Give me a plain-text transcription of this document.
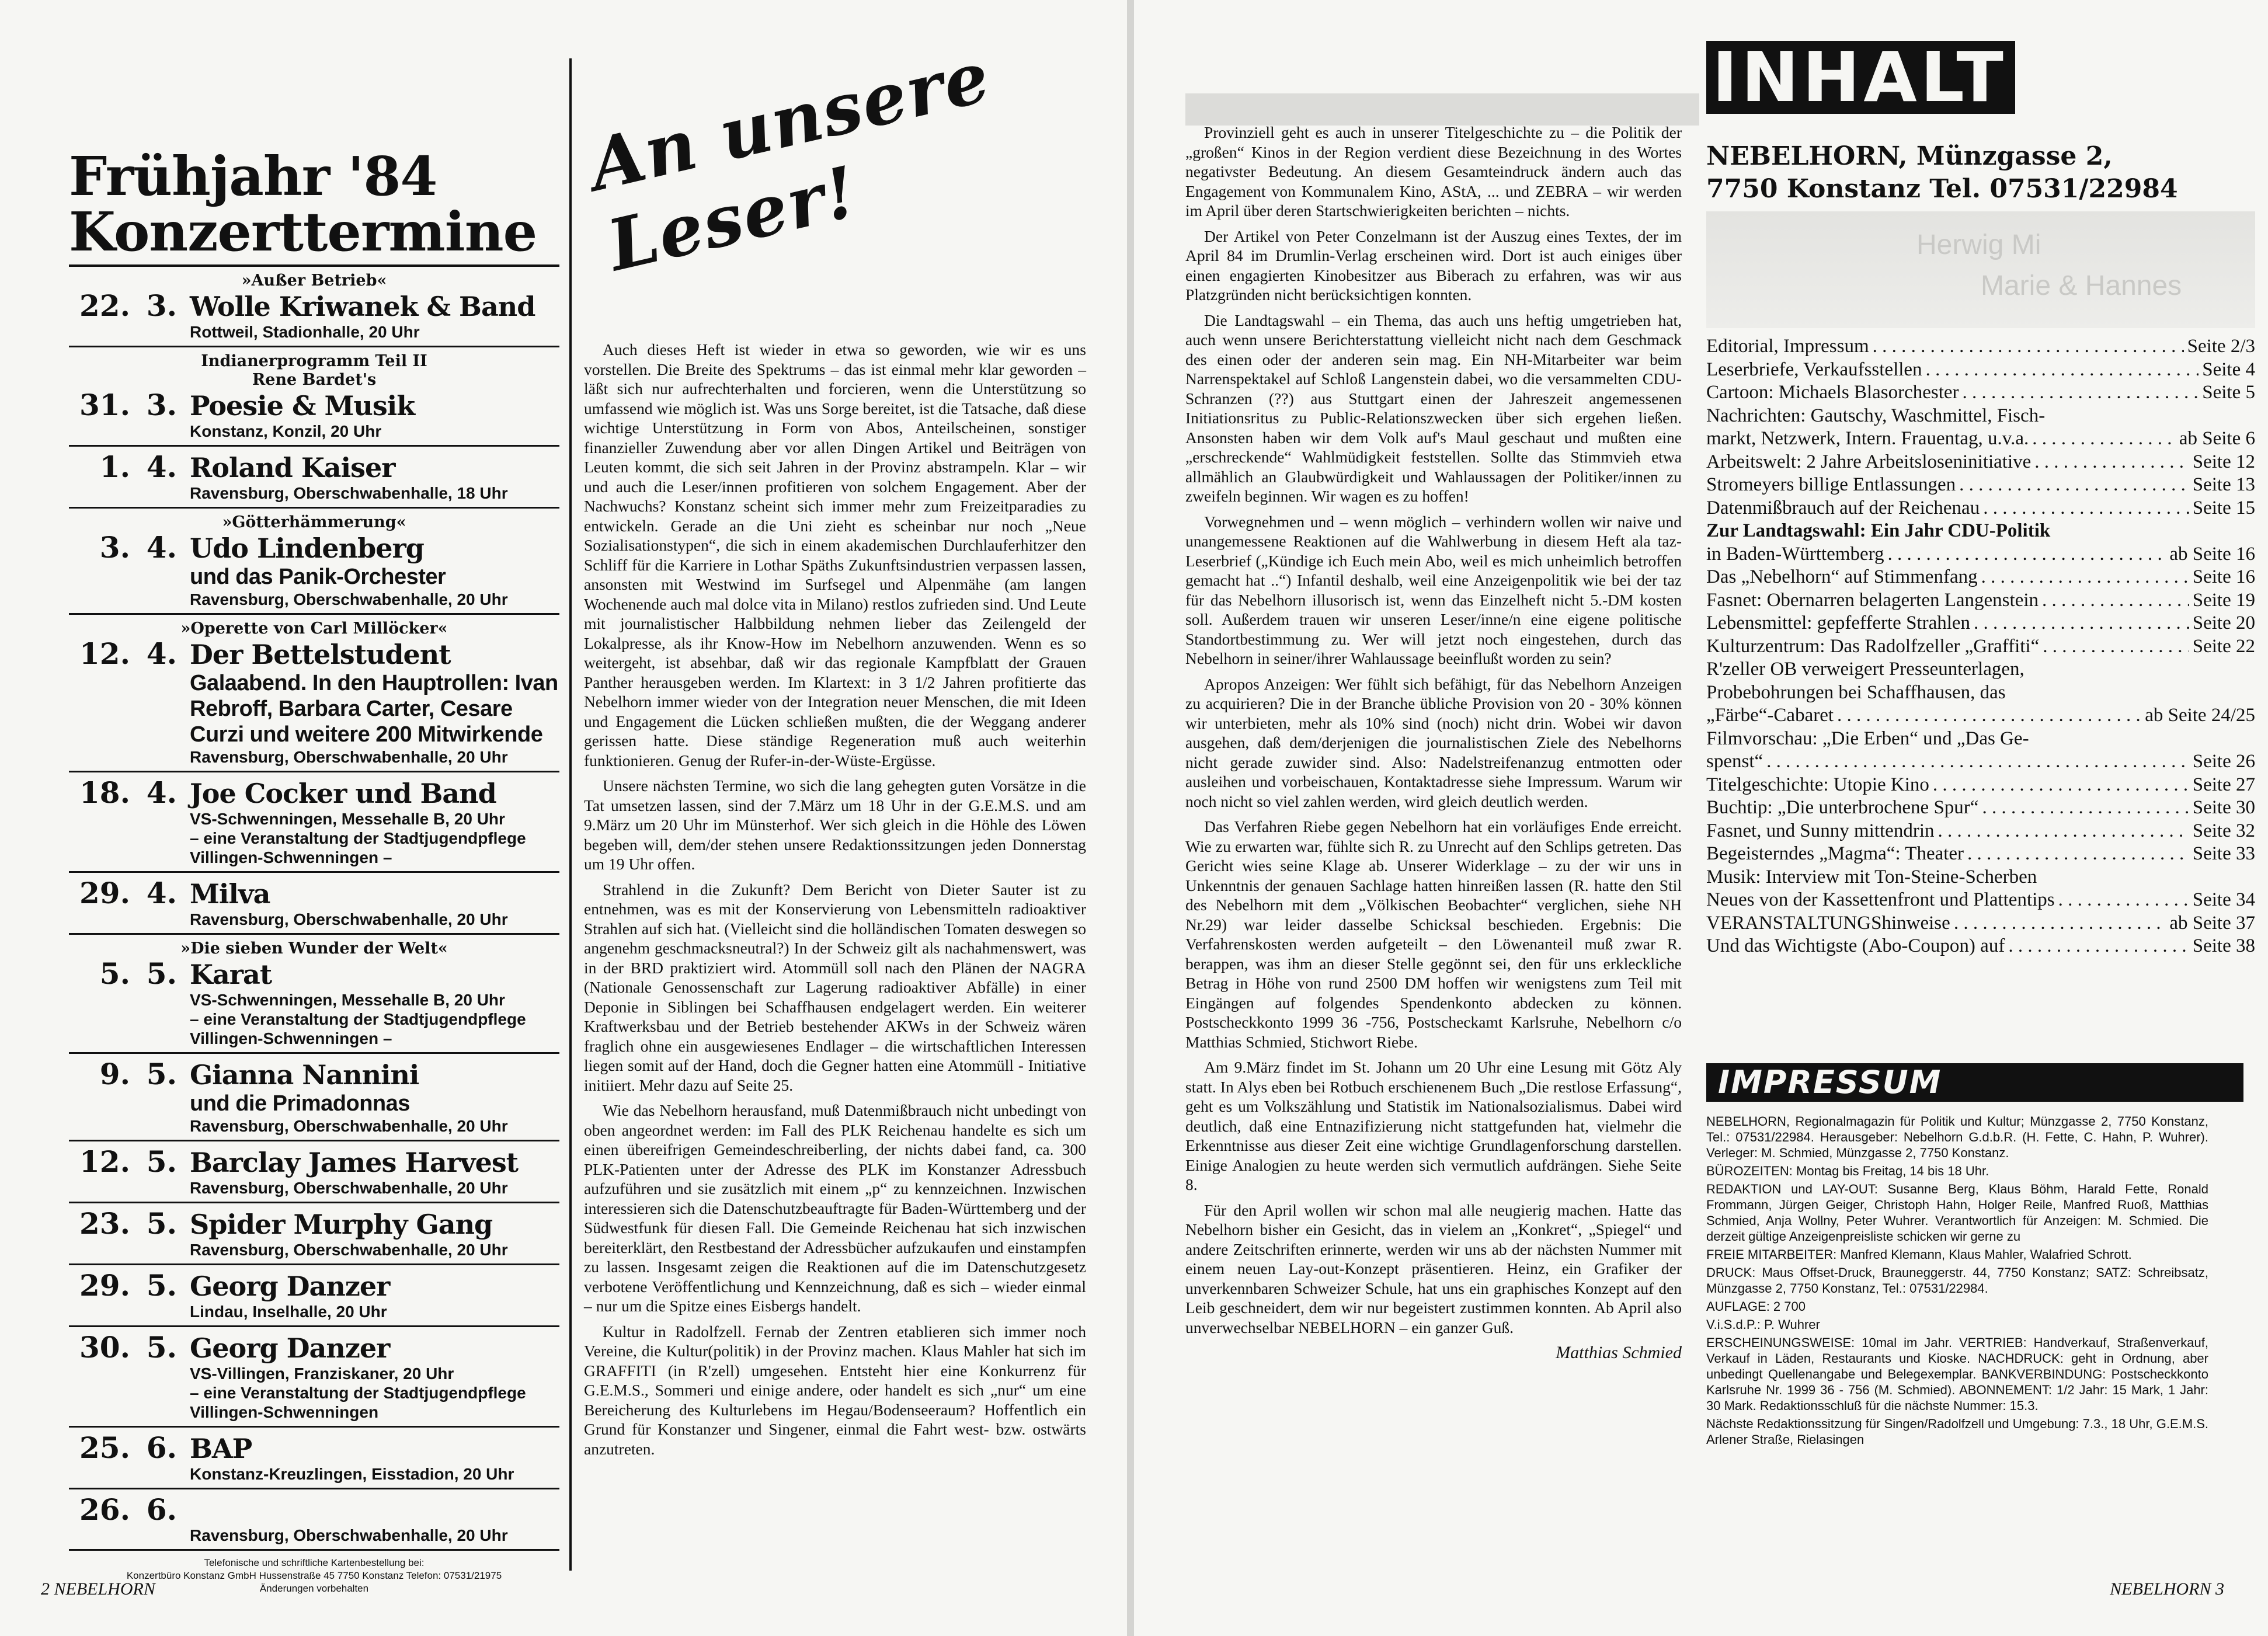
Frühjahr '84
Konzerttermine
»Außer Betrieb«
22. 3. Wolle Kriwanek & Band
Rottweil, Stadionhalle, 20 Uhr
Indianerprogramm Teil II
Rene Bardet's
31. 3. Poesie & Musik
Konstanz, Konzil, 20 Uhr
1. 4. Roland Kaiser
Ravensburg, Oberschwabenhalle, 18 Uhr
»Götterhämmerung«
3. 4. Udo Lindenberg
und das Panik-Orchester
Ravensburg, Oberschwabenhalle, 20 Uhr
»Operette von Carl Millöcker«
12. 4. Der Bettelstudent
Galaabend. In den Hauptrollen: Ivan Rebroff, Barbara Carter, Cesare Curzi und weitere 200 Mitwirkende
Ravensburg, Oberschwabenhalle, 20 Uhr
18. 4. Joe Cocker und Band
VS-Schwenningen, Messehalle B, 20 Uhr
– eine Veranstaltung der Stadtjugendpflege Villingen-Schwenningen –
29. 4. Milva
Ravensburg, Oberschwabenhalle, 20 Uhr
»Die sieben Wunder der Welt«
5. 5. Karat
VS-Schwenningen, Messehalle B, 20 Uhr
– eine Veranstaltung der Stadtjugendpflege Villingen-Schwenningen –
9. 5. Gianna Nannini
und die Primadonnas
Ravensburg, Oberschwabenhalle, 20 Uhr
12. 5. Barclay James Harvest
Ravensburg, Oberschwabenhalle, 20 Uhr
23. 5. Spider Murphy Gang
Ravensburg, Oberschwabenhalle, 20 Uhr
29. 5. Georg Danzer
Lindau, Inselhalle, 20 Uhr
30. 5. Georg Danzer
VS-Villingen, Franziskaner, 20 Uhr
– eine Veranstaltung der Stadtjugendpflege Villingen-Schwenningen
25. 6. BAP
Konstanz-Kreuzlingen, Eisstadion, 20 Uhr
26. 6.
Ravensburg, Oberschwabenhalle, 20 Uhr
Telefonische und schriftliche Kartenbestellung bei:
Konzertbüro Konstanz GmbH Hussenstraße 45 7750 Konstanz Telefon: 07531/21975
Änderungen vorbehalten
An unsere Leser!

Auch dieses Heft ist wieder in etwa so geworden, wie wir es uns vorstellen. Die Breite des Spektrums – das ist einmal mehr klar geworden – läßt sich nur aufrechterhalten und forcieren, wenn die Unterstützung so umfassend wie möglich ist. Was uns Sorge bereitet, ist die Tatsache, daß diese wichtige Unterstützung in Form von Abos, Anteilscheinen, sonstiger finanzieller Zuwendung aber vor allen Dingen Artikel und Beiträgen von Leuten kommt, die sich seit Jahren in der Provinz abstrampeln. Klar – wir und auch die Leser/innen profitieren von solchem Engagement. Aber der Nachwuchs? Konstanz scheint sich immer mehr zum Freizeitparadies zu entwickeln. Gerade an die Uni zieht es scheinbar nur noch „Neue Sozialisationstypen“, die sich in einem akademischen Durchlauferhitzer den Schliff für die Karriere in Lothar Späths Zukunftsindustrien verpassen lassen, ansonsten mit Westwind im Surfsegel und Alpenmähe (am langen Wochenende auch mal dolce vita in Milano) restlos zufrieden sind. Und Leute mit journalistischer Halbbildung nehmen lieber das Zeilengeld der Lokalpresse, als ihr Know-How im Nebelhorn anzuwenden. Wenn es so weitergeht, ist absehbar, daß wir das regionale Kampfblatt der Grauen Panther herausgeben werden. Im Klartext: in 3 1/2 Jahren profitierte das Nebelhorn immer wieder von der Integration neuer Menschen, die mit Ideen und Engagement die Lücken schließen mußten, die der Weggang anderer gerissen hatte. Diese ständige Regeneration muß auch weiterhin funktionieren. Genug der Rufer-in-der-Wüste-Ergüsse.

Unsere nächsten Termine, wo sich die lang gehegten guten Vorsätze in die Tat umsetzen lassen, sind der 7.März um 18 Uhr in der G.E.M.S. und am 9.März um 20 Uhr im Münsterhof. Wer sich gleich in die Höhle des Löwen begeben will, dem/der stehen unsere Redaktionssitzungen jeden Donnerstag um 19 Uhr offen.

Strahlend in die Zukunft? Dem Bericht von Dieter Sauter ist zu entnehmen, was es mit der Konservierung von Lebensmitteln radioaktiver Strahlen auf sich hat. (Vielleicht sind die holländischen Tomaten deswegen so angenehm geschmacksneutral?) In der Schweiz gilt als nachahmenswert, was in der BRD praktiziert wird. Atommüll soll nach den Plänen der NAGRA (Nationale Genossenschaft zur Lagerung radioaktiver Abfälle) in einer Deponie in Siblingen bei Schaffhausen endgelagert werden. Ein weiterer Kraftwerksbau und der Betrieb bestehender AKWs in der Schweiz wären fraglich ohne ein ausgewiesenes Endlager – die wirtschaftlichen Interessen liegen somit auf der Hand, doch die Gegner hatten eine Atommüll - Initiative initiiert. Mehr dazu auf Seite 25.

Wie das Nebelhorn herausfand, muß Datenmißbrauch nicht unbedingt von oben angeordnet werden: im Fall des PLK Reichenau handelte es sich um einen übereifrigen Gemeindeschreiberling, der nichts dabei fand, ca. 300 PLK-Patienten unter der Adresse des PLK im Konstanzer Adressbuch aufzuführen und sie zusätzlich mit einem „p“ zu kennzeichnen. Inzwischen interessieren sich die Datenschutzbeauftragte für Baden-Württemberg und der Südwestfunk für diesen Fall. Die Gemeinde Reichenau hat sich inzwischen bereiterklärt, den Restbestand der Adressbücher aufzukaufen und einstampfen zu lassen. Insgesamt zeigen die Reaktionen auf die im Datenschutzgesetz verbotene Veröffentlichung und Kennzeichnung, daß es sich – wieder einmal – nur um die Spitze eines Eisbergs handelt.

Kultur in Radolfzell. Fernab der Zentren etablieren sich immer noch Vereine, die Kultur(politik) in der Provinz machen. Klaus Mahler hat sich im GRAFFITI (in R'zell) umgesehen. Entsteht hier eine Konkurrenz für G.E.M.S., Sommeri und einige andere, oder handelt es sich „nur“ um eine Bereicherung des Kulturlebens im Hegau/Bodenseeraum? Hoffentlich ein Grund für Konstanzer und Singener, einmal die Fahrt west- bzw. ostwärts anzutreten.

2 NEBELHORN

Provinziell geht es auch in unserer Titelgeschichte zu – die Politik der „großen“ Kinos in der Region verdient diese Bezeichnung in des Wortes negativster Bedeutung. An diesem Gesamteindruck ändern auch das Engagement von Kommunalem Kino, AStA, ... und ZEBRA – wir werden im April über deren Startschwierigkeiten berichten – nichts.

Der Artikel von Peter Conzelmann ist der Auszug eines Textes, der im April 84 im Drumlin-Verlag erscheinen wird. Dort ist auch einiges über einen engagierten Kinobesitzer aus Biberach zu erfahren, was wir aus Platzgründen nicht berücksichtigen konnten.

Die Landtagswahl – ein Thema, das auch uns heftig umgetrieben hat, auch wenn unsere Berichterstattung vielleicht nicht nach dem Geschmack des einen oder der anderen sein mag. Ein NH-Mitarbeiter war beim Narrenspektakel auf Schloß Langenstein dabei, wo die versammelten CDU-Schranzen (??) aus Stuttgart einen der Jahreszeit angemessenen Initiationsritus zu Public-Relationszwecken über sich ergehen ließen. Ansonsten haben wir dem Volk auf's Maul geschaut und mußten eine „erschreckende“ Wahlmüdigkeit feststellen. Sollte das Stimmvieh etwa allmählich an Glaubwürdigkeit und Wahlaussagen der Politiker/innen zu zweifeln beginnen. Wir wagen es zu hoffen!

Vorwegnehmen und – wenn möglich – verhindern wollen wir naive und unangemessene Reaktionen auf die Wahlwerbung in diesem Heft ala taz-Leserbrief („Kündige ich Euch mein Abo, weil es mich unheimlich betroffen gemacht hat ..“) Infantil deshalb, weil eine Anzeigenpolitik wie bei der taz für das Nebelhorn illusorisch ist, wenn das Einzelheft nicht 5.-DM kosten soll. Außerdem trauen wir unseren Leser/inne/n eine eigene politische Standortbestimmung zu. Wer will jetzt noch eingestehen, durch das Nebelhorn in seiner/ihrer Wahlaussage beeinflußt worden zu sein?

Apropos Anzeigen: Wer fühlt sich befähigt, für das Nebelhorn Anzeigen zu acquirieren? Die in der Branche übliche Provision von 20 - 30% können wir unterbieten, mehr als 10% sind (noch) nicht drin. Wobei wir davon ausgehen, daß dem/derjenigen die journalistischen Ziele des Nebelhorns nicht gerade zuwider sind. Also: Nadelstreifenanzug entmotten oder ausleihen und vorbeischauen, Kontaktadresse siehe Impressum. Warum wir noch nicht so viel zahlen werden, wird gleich deutlich werden.

Das Verfahren Riebe gegen Nebelhorn hat ein vorläufiges Ende erreicht. Wie zu erwarten war, fühlte sich R. zu Unrecht auf den Schlips getreten. Das Gericht wies seine Klage ab. Unserer Widerklage – zu der wir uns in Unkenntnis der genauen Sachlage hatten hinreißen lassen (R. hatte den Stil des Nebelhorn mit dem „Völkischen Beobachter“ verglichen, siehe NH Nr.29) war leider dasselbe Schicksal beschieden. Ergebnis: Die Verfahrenskosten werden aufgeteilt – den Löwenanteil muß zwar R. berappen, was ihm an dieser Stelle gegönnt sei, den für uns erkleckliche Betrag in Höhe von rund 2500 DM hoffen wir wenigstens zum Teil mit Eingängen auf folgendes Spendenkonto abdecken zu können. Postscheckkonto 1999 36 -756, Postscheckamt Karlsruhe, Nebelhorn c/o Matthias Schmied, Stichwort Riebe.

Am 9.März findet im St. Johann um 20 Uhr eine Lesung mit Götz Aly statt. In Alys eben bei Rotbuch erschienenem Buch „Die restlose Erfassung“, geht es um Volkszählung und Statistik im Nationalsozialismus. Dabei wird deutlich, daß eine Entnazifizierung nicht stattgefunden hat, vielmehr die Erkenntnisse aus dieser Zeit eine wichtige Grundlagenforschung darstellen. Einige Analogien zu heute werden sich vermutlich aufdrängen. Siehe Seite 8.

Für den April wollen wir schon mal alle neugierig machen. Hatte das Nebelhorn bisher ein Gesicht, das in vielem an „Konkret“, „Spiegel“ und andere Zeitschriften erinnerte, werden wir uns ab der nächsten Nummer mit einem neuen Lay-out-Konzept präsentieren. Heinz, ein Grafiker der unverkennbaren Schweizer Schule, hat uns ein graphisches Konzept auf den Leib geschneidert, dem wir nur begeistert zustimmen konnten. Ab April also unverwechselbar NEBELHORN – ein ganzer Guß.

Matthias Schmied
INHALT
NEBELHORN, Münzgasse 2,
7750 Konstanz Tel. 07531/22984
Herwig Mi
Marie & Hannes
Editorial, Impressum . . .	Seite 2/3
Leserbriefe, Verkaufsstellen . . .	Seite 4
Cartoon: Michaels Blasorchester . . .	Seite 5
Nachrichten: Gautschy, Waschmittel, Fisch-
markt, Netzwerk, Intern. Frauentag, u.v.a. . . .	ab Seite 6
Arbeitswelt: 2 Jahre Arbeitsloseninitiative . . .	Seite 12
Stromeyers billige Entlassungen . . .	Seite 13
Datenmißbrauch auf der Reichenau . . .	Seite 15
Zur Landtagswahl: Ein Jahr CDU-Politik
in Baden-Württemberg . . .	ab Seite 16
Das „Nebelhorn“ auf Stimmenfang . . .	Seite 16
Fasnet: Obernarren belagerten Langenstein . . .	Seite 19
Lebensmittel: gepfefferte Strahlen . . .	Seite 20
Kulturzentrum: Das Radolfzeller „Graffiti“ . . .	Seite 22
R'zeller OB verweigert Presseunterlagen,
Probebohrungen bei Schaffhausen, das
„Färbe“-Cabaret . . .	ab Seite 24/25
Filmvorschau: „Die Erben“ und „Das Ge-
spenst“ . . .	Seite 26
Titelgeschichte: Utopie Kino . . .	Seite 27
Buchtip: „Die unterbrochene Spur“ . . .	Seite 30
Fasnet, und Sunny mittendrin . . .	Seite 32
Begeisterndes „Magma“: Theater . . .	Seite 33
Musik: Interview mit Ton-Steine-Scherben
Neues von der Kassettenfront und Plattentips . . .	Seite 34
VERANSTALTUNGShinweise . . .	ab Seite 37
Und das Wichtigste (Abo-Coupon) auf . . .	Seite 38
IMPRESSUM

NEBELHORN, Regionalmagazin für Politik und Kultur; Münzgasse 2, 7750 Konstanz, Tel.: 07531/22984. Herausgeber: Nebelhorn G.d.b.R. (H. Fette, C. Hahn, P. Wuhrer). Verleger: M. Schmied, Münzgasse 2, 7750 Konstanz.

BÜROZEITEN: Montag bis Freitag, 14 bis 18 Uhr.

REDAKTION und LAY-OUT: Susanne Berg, Klaus Böhm, Harald Fette, Ronald Frommann, Jürgen Geiger, Christoph Hahn, Holger Reile, Manfred Ruoß, Matthias Schmied, Anja Wollny, Peter Wuhrer. Verantwortlich für Anzeigen: M. Schmied. Die derzeit gültige Anzeigenpreisliste schicken wir gerne zu

FREIE MITARBEITER: Manfred Klemann, Klaus Mahler, Walafried Schrott.

DRUCK: Maus Offset-Druck, Brauneggerstr. 44, 7750 Konstanz; SATZ: Schreibsatz, Münzgasse 2, 7750 Konstanz, Tel.: 07531/22984.

AUFLAGE: 2 700

V.i.S.d.P.: P. Wuhrer

ERSCHEINUNGSWEISE: 10mal im Jahr. VERTRIEB: Handverkauf, Straßenverkauf, Verkauf in Läden, Restaurants und Kioske. NACHDRUCK: geht in Ordnung, aber unbedingt Quellenangabe und Belegexemplar. BANKVERBINDUNG: Postscheckkonto Karlsruhe Nr. 1999 36 - 756 (M. Schmied). ABONNEMENT: 1/2 Jahr: 15 Mark, 1 Jahr: 30 Mark. Redaktionsschluß für die nächste Nummer: 15.3.

Nächste Redaktionssitzung für Singen/Radolfzell und Umgebung: 7.3., 18 Uhr, G.E.M.S. Arlener Straße, Rielasingen

NEBELHORN 3
